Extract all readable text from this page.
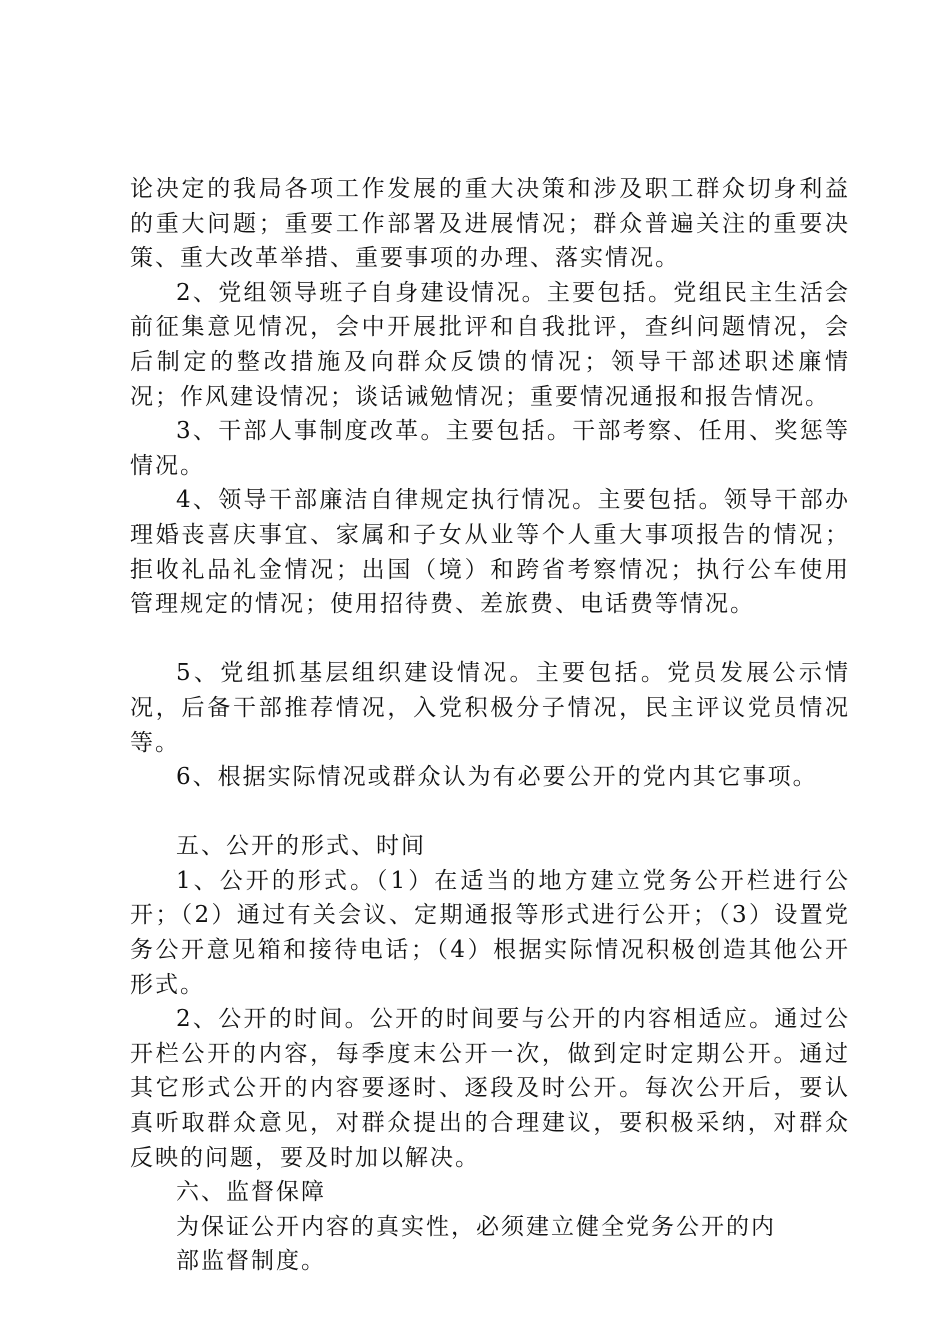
论决定的我局各项工作发展的重大决策和涉及职工群众切身利益的重大问题；重要工作部署及进展情况；群众普遍关注的重要决策、重大改革举措、重要事项的办理、落实情况。

2、党组领导班子自身建设情况。主要包括。党组民主生活会前征集意见情况，会中开展批评和自我批评，查纠问题情况，会后制定的整改措施及向群众反馈的情况；领导干部述职述廉情况；作风建设情况；谈话诫勉情况；重要情况通报和报告情况。

3、干部人事制度改革。主要包括。干部考察、任用、奖惩等情况。

4、领导干部廉洁自律规定执行情况。主要包括。领导干部办理婚丧喜庆事宜、家属和子女从业等个人重大事项报告的情况；拒收礼品礼金情况；出国（境）和跨省考察情况；执行公车使用管理规定的情况；使用招待费、差旅费、电话费等情况。

5、党组抓基层组织建设情况。主要包括。党员发展公示情况，后备干部推荐情况，入党积极分子情况，民主评议党员情况等。

6、根据实际情况或群众认为有必要公开的党内其它事项。

五、公开的形式、时间

1、公开的形式。（1）在适当的地方建立党务公开栏进行公开；（2）通过有关会议、定期通报等形式进行公开；（3）设置党务公开意见箱和接待电话；（4）根据实际情况积极创造其他公开形式。

2、公开的时间。公开的时间要与公开的内容相适应。通过公开栏公开的内容，每季度末公开一次，做到定时定期公开。通过其它形式公开的内容要逐时、逐段及时公开。每次公开后，要认真听取群众意见，对群众提出的合理建议，要积极采纳，对群众反映的问题，要及时加以解决。

六、监督保障

为保证公开内容的真实性，必须建立健全党务公开的内

部监督制度。
